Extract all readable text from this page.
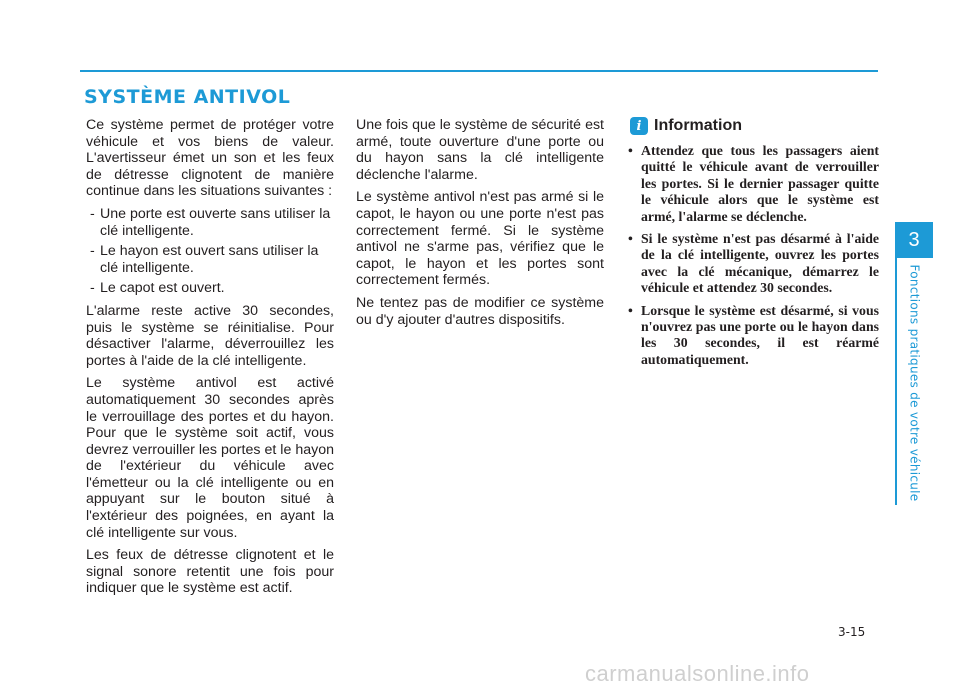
SYSTÈME ANTIVOL

Ce système permet de protéger votre véhicule et vos biens de valeur. L'avertisseur émet un son et les feux de détresse clignotent de manière continue dans les situations suivantes :

- Une porte est ouverte sans utiliser la clé intelligente.
- Le hayon est ouvert sans utiliser la clé intelligente.
- Le capot est ouvert.

L'alarme reste active 30 secondes, puis le système se réinitialise. Pour désactiver l'alarme, déverrouillez les portes à l'aide de la clé intelligente.

Le système antivol est activé automatiquement 30 secondes après le verrouillage des portes et du hayon. Pour que le système soit actif, vous devrez verrouiller les portes et le hayon de l'extérieur du véhicule avec l'émetteur ou la clé intelligente ou en appuyant sur le bouton situé à l'extérieur des poignées, en ayant la clé intelligente sur vous.

Les feux de détresse clignotent et le signal sonore retentit une fois pour indiquer que le système est actif.

Une fois que le système de sécurité est armé, toute ouverture d'une porte ou du hayon sans la clé intelligente déclenche l'alarme.

Le système antivol n'est pas armé si le capot, le hayon ou une porte n'est pas correctement fermé. Si le système antivol ne s'arme pas, vérifiez que le capot, le hayon et les portes sont correctement fermés.

Ne tentez pas de modifier ce système ou d'y ajouter d'autres dispositifs.

i Information
• Attendez que tous les passagers aient quitté le véhicule avant de verrouiller les portes. Si le dernier passager quitte le véhicule alors que le système est armé, l'alarme se déclenche.
• Si le système n'est pas désarmé à l'aide de la clé intelligente, ouvrez les portes avec la clé mécanique, démarrez le véhicule et attendez 30 secondes.
• Lorsque le système est désarmé, si vous n'ouvrez pas une porte ou le hayon dans les 30 secondes, il est réarmé automatiquement.
3
Fonctions pratiques de votre véhicule
3-15
carmanualsonline.info
